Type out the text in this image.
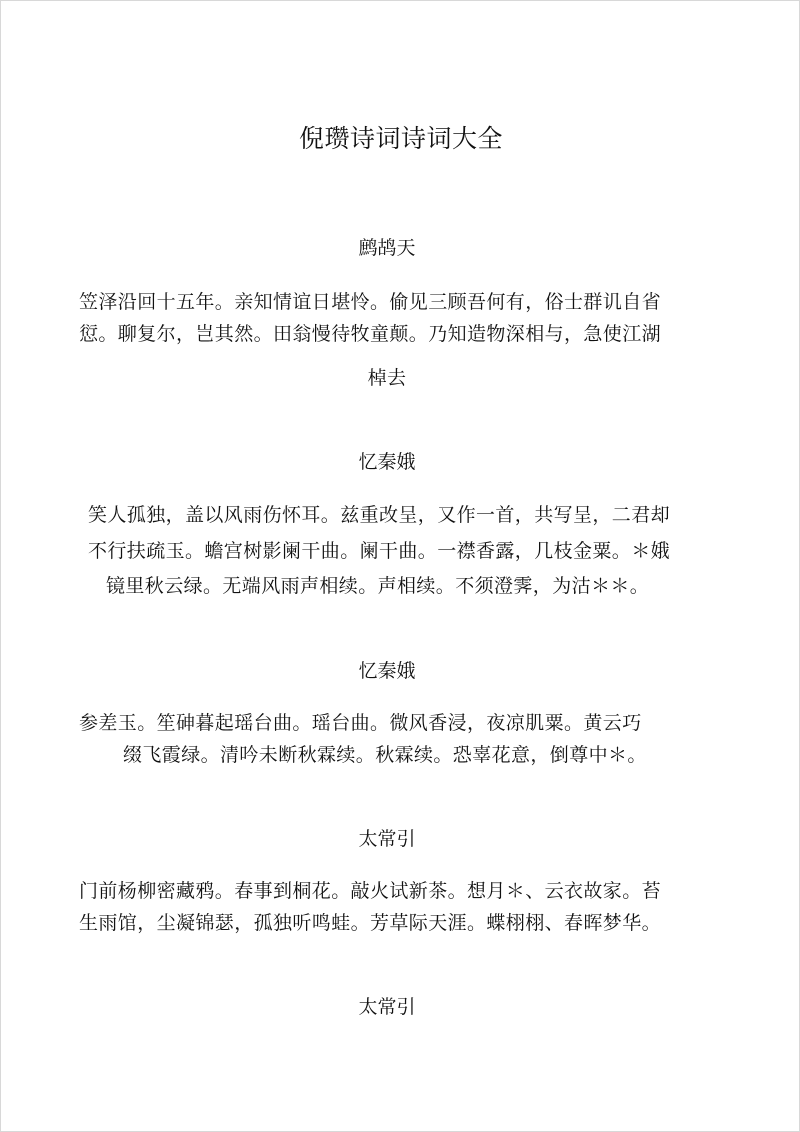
倪瓒诗词诗词大全
鹧鸪天
笠泽沿回十五年。亲知情谊日堪怜。偷见三顾吾何有，俗士群讥自省
愆。聊复尔，岂其然。田翁慢待牧童颠。乃知造物深相与，急使江湖
棹去
忆秦娥
笑人孤独，盖以风雨伤怀耳。兹重改呈，又作一首，共写呈，二君却
不行扶疏玉。蟾宫树影阑干曲。阑干曲。一襟香露，几枝金粟。＊娥
镜里秋云绿。无端风雨声相续。声相续。不须澄霁，为沽＊＊。
忆秦娥
参差玉。笙砷暮起瑶台曲。瑶台曲。微风香浸，夜凉肌粟。黄云巧
缀飞霞绿。清吟未断秋霖续。秋霖续。恐辜花意，倒尊中＊。
太常引
门前杨柳密藏鸦。春事到桐花。敲火试新茶。想月＊、云衣故家。苔
生雨馆，尘凝锦瑟，孤独听鸣蛙。芳草际天涯。蝶栩栩、春晖梦华。
太常引
